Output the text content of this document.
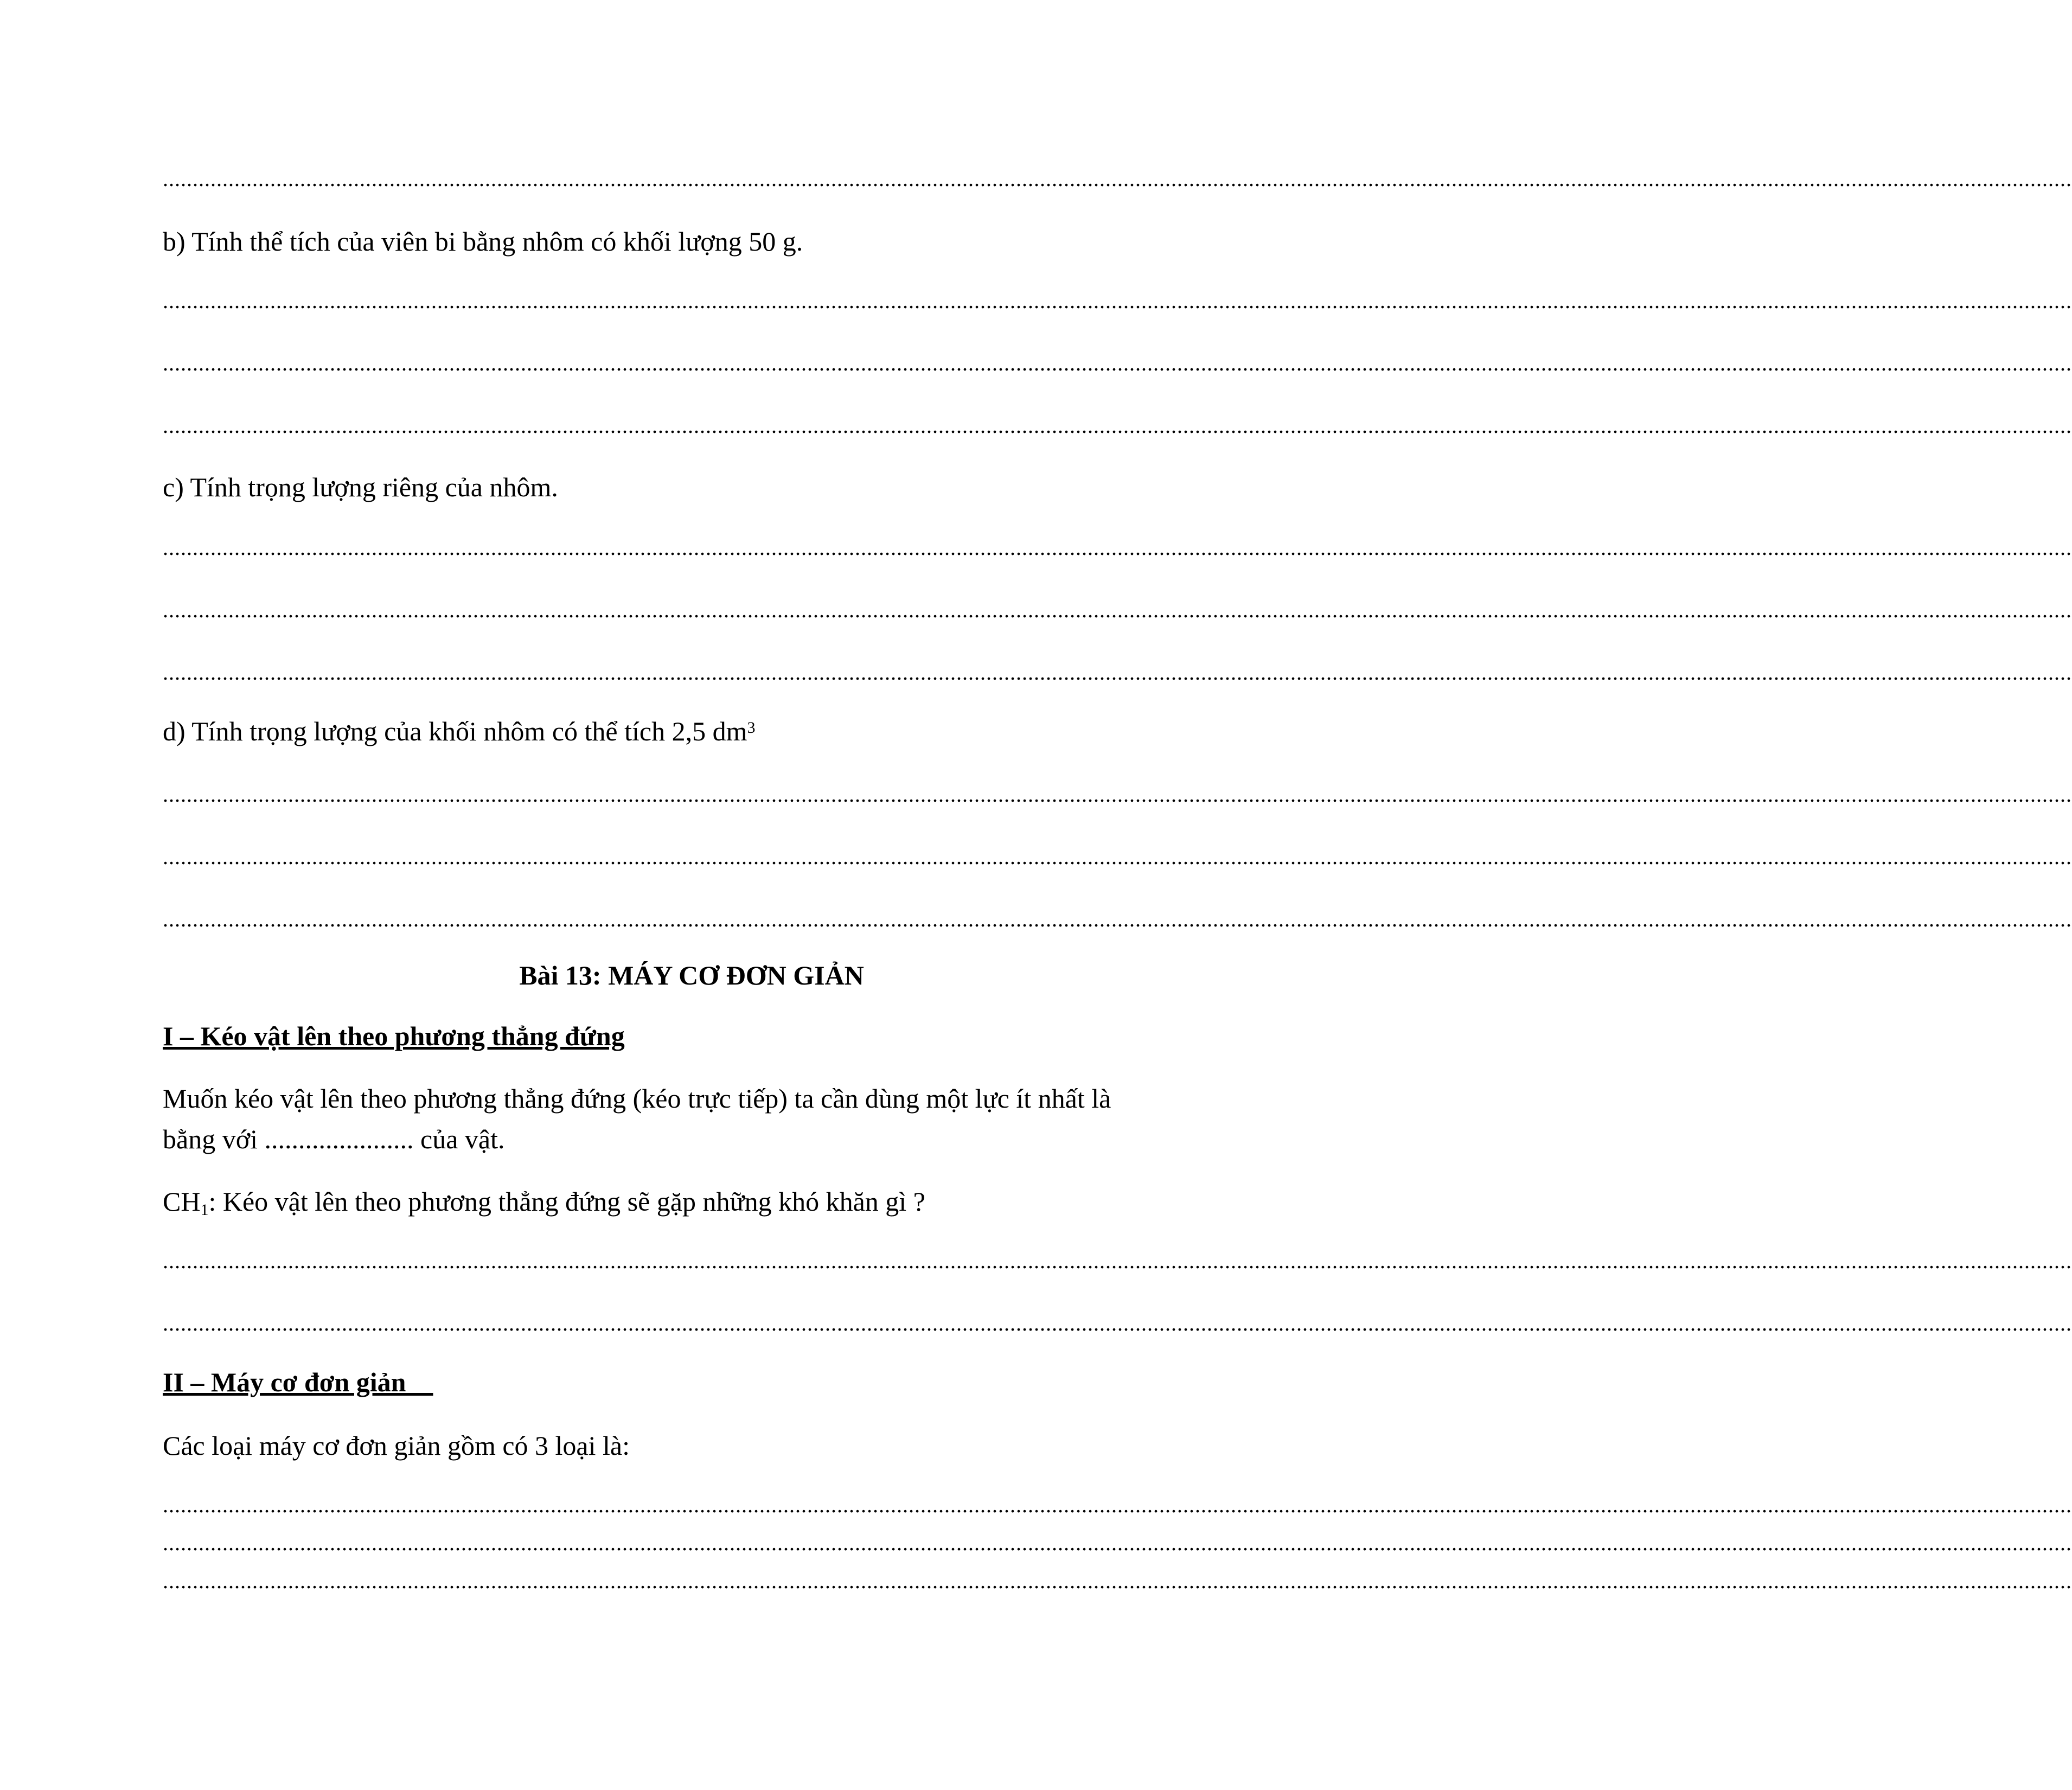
................................................................................................................................................................................................................................................................................................................................
b) Tính thể tích của viên bi bằng nhôm có khối lượng 50 g.
................................................................................................................................................................................................................................................................................................................................
................................................................................................................................................................................................................................................................................................................................
................................................................................................................................................................................................................................................................................................................................
c) Tính trọng lượng riêng của nhôm.
................................................................................................................................................................................................................................................................................................................................
................................................................................................................................................................................................................................................................................................................................
................................................................................................................................................................................................................................................................................................................................
d) Tính trọng lượng của khối nhôm có thể tích 2,5 $dm^3$
................................................................................................................................................................................................................................................................................................................................
................................................................................................................................................................................................................................................................................................................................
................................................................................................................................................................................................................................................................................................................................
Bài 13: MÁY CƠ ĐƠN GIẢN
I – Kéo vật lên theo phương thẳng đứng
Muốn kéo vật lên theo phương thẳng đứng (kéo trực tiếp) ta cần dùng một lực ít nhất là
bằng với ...................... của vật.
$CH_1$: Kéo vật lên theo phương thẳng đứng sẽ gặp những khó khăn gì ?
................................................................................................................................................................................................................................................................................................................................
................................................................................................................................................................................................................................................................................................................................
II – Máy cơ đơn giản
Các loại máy cơ đơn giản gồm có 3 loại là:
................................................................................................................................................................................................................................................................................................................................
................................................................................................................................................................................................................................................................................................................................
................................................................................................................................................................................................................................................................................................................................
